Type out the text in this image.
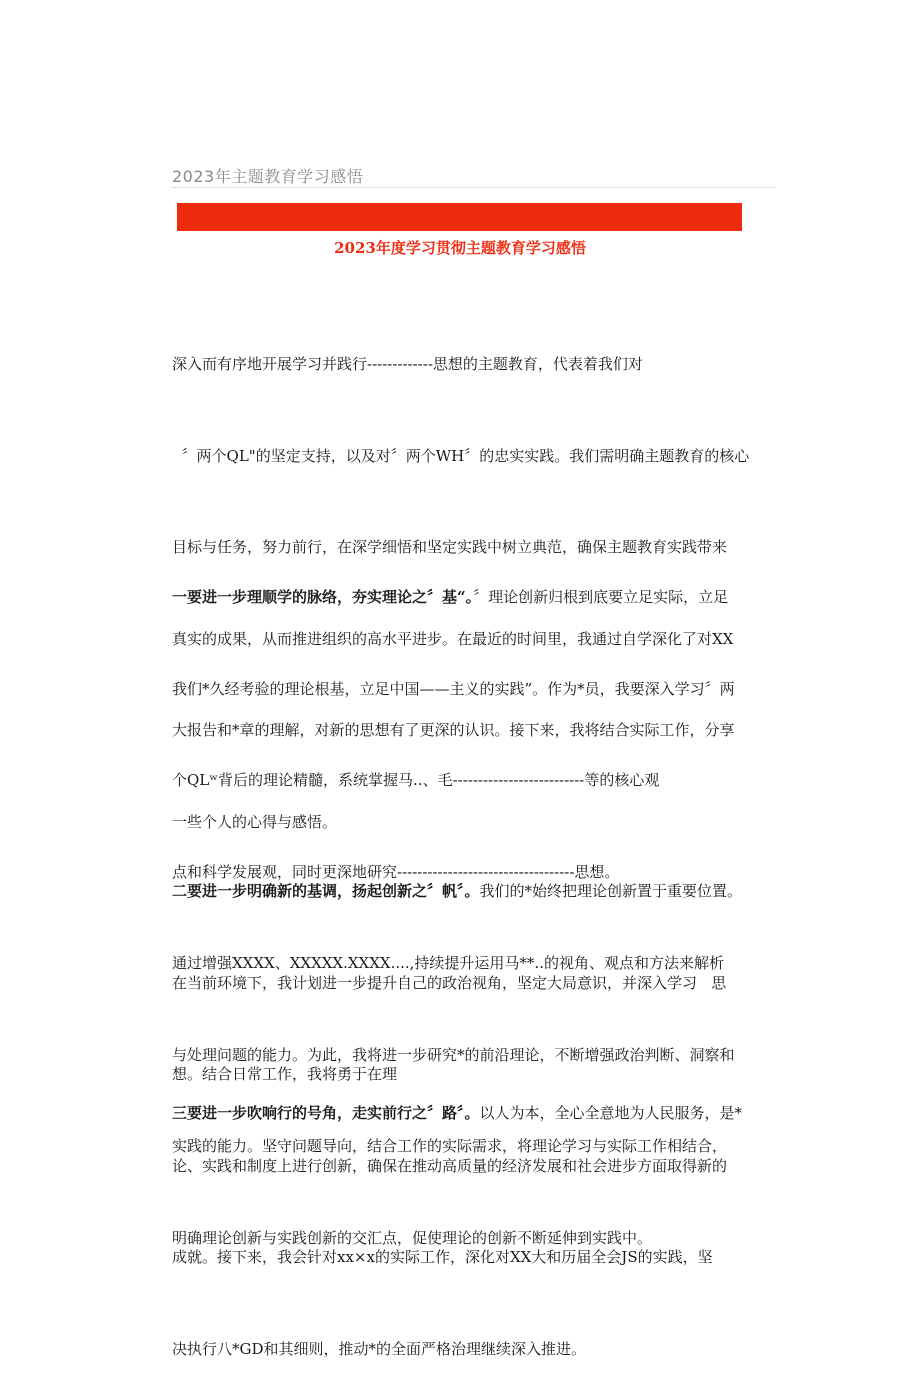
2023年主题教育学习感悟
2023年度学习贯彻主题教育学习感悟

深入而有序地开展学习并践行-------------思想的主题教育，代表着我们对

〞两个QL"的坚定支持，以及对〞两个WH〞的忠实实践。我们需明确主题教育的核心

目标与任务，努力前行，在深学细悟和坚定实践中树立典范，确保主题教育实践带来

真实的成果，从而推进组织的高水平进步。在最近的时间里，我通过自学深化了对XX

大报告和*章的理解，对新的思想有了更深的认识。接下来，我将结合实际工作，分享

一些个人的心得与感悟。

一要进一步理顺学的脉络，夯实理论之〞基“。〞理论创新归根到底要立足实际，立足

我们*久经考验的理论根基，立足中国——主义的实践”。作为*员，我要深入学习〞两

个QLʷ背后的理论精髓，系统掌握马..、毛--------------------------等的核心观

点和科学发展观，同时更深地研究-----------------------------------思想。

通过增强XXXX、XXXXX.XXXX....,持续提升运用马**..的视角、观点和方法来解析

与处理问题的能力。为此，我将进一步研究*的前沿理论，不断增强政治判断、洞察和

实践的能力。坚守问题导向，结合工作的实际需求，将理论学习与实际工作相结合，

明确理论创新与实践创新的交汇点，促使理论的创新不断延伸到实践中。

二要进一步明确新的基调，扬起创新之〞帆〞。我们的*始终把理论创新置于重要位置。

在当前环境下，我计划进一步提升自己的政治视角，坚定大局意识，并深入学习   思

想。结合日常工作，我将勇于在理

论、实践和制度上进行创新，确保在推动高质量的经济发展和社会进步方面取得新的

成就。接下来，我会针对xx×x的实际工作，深化对XX大和历届全会JS的实践，坚

决执行八*GD和其细则，推动*的全面严格治理继续深入推进。

三要进一步吹响行的号角，走实前行之〞路〞。以人为本，全心全意地为人民服务，是*
